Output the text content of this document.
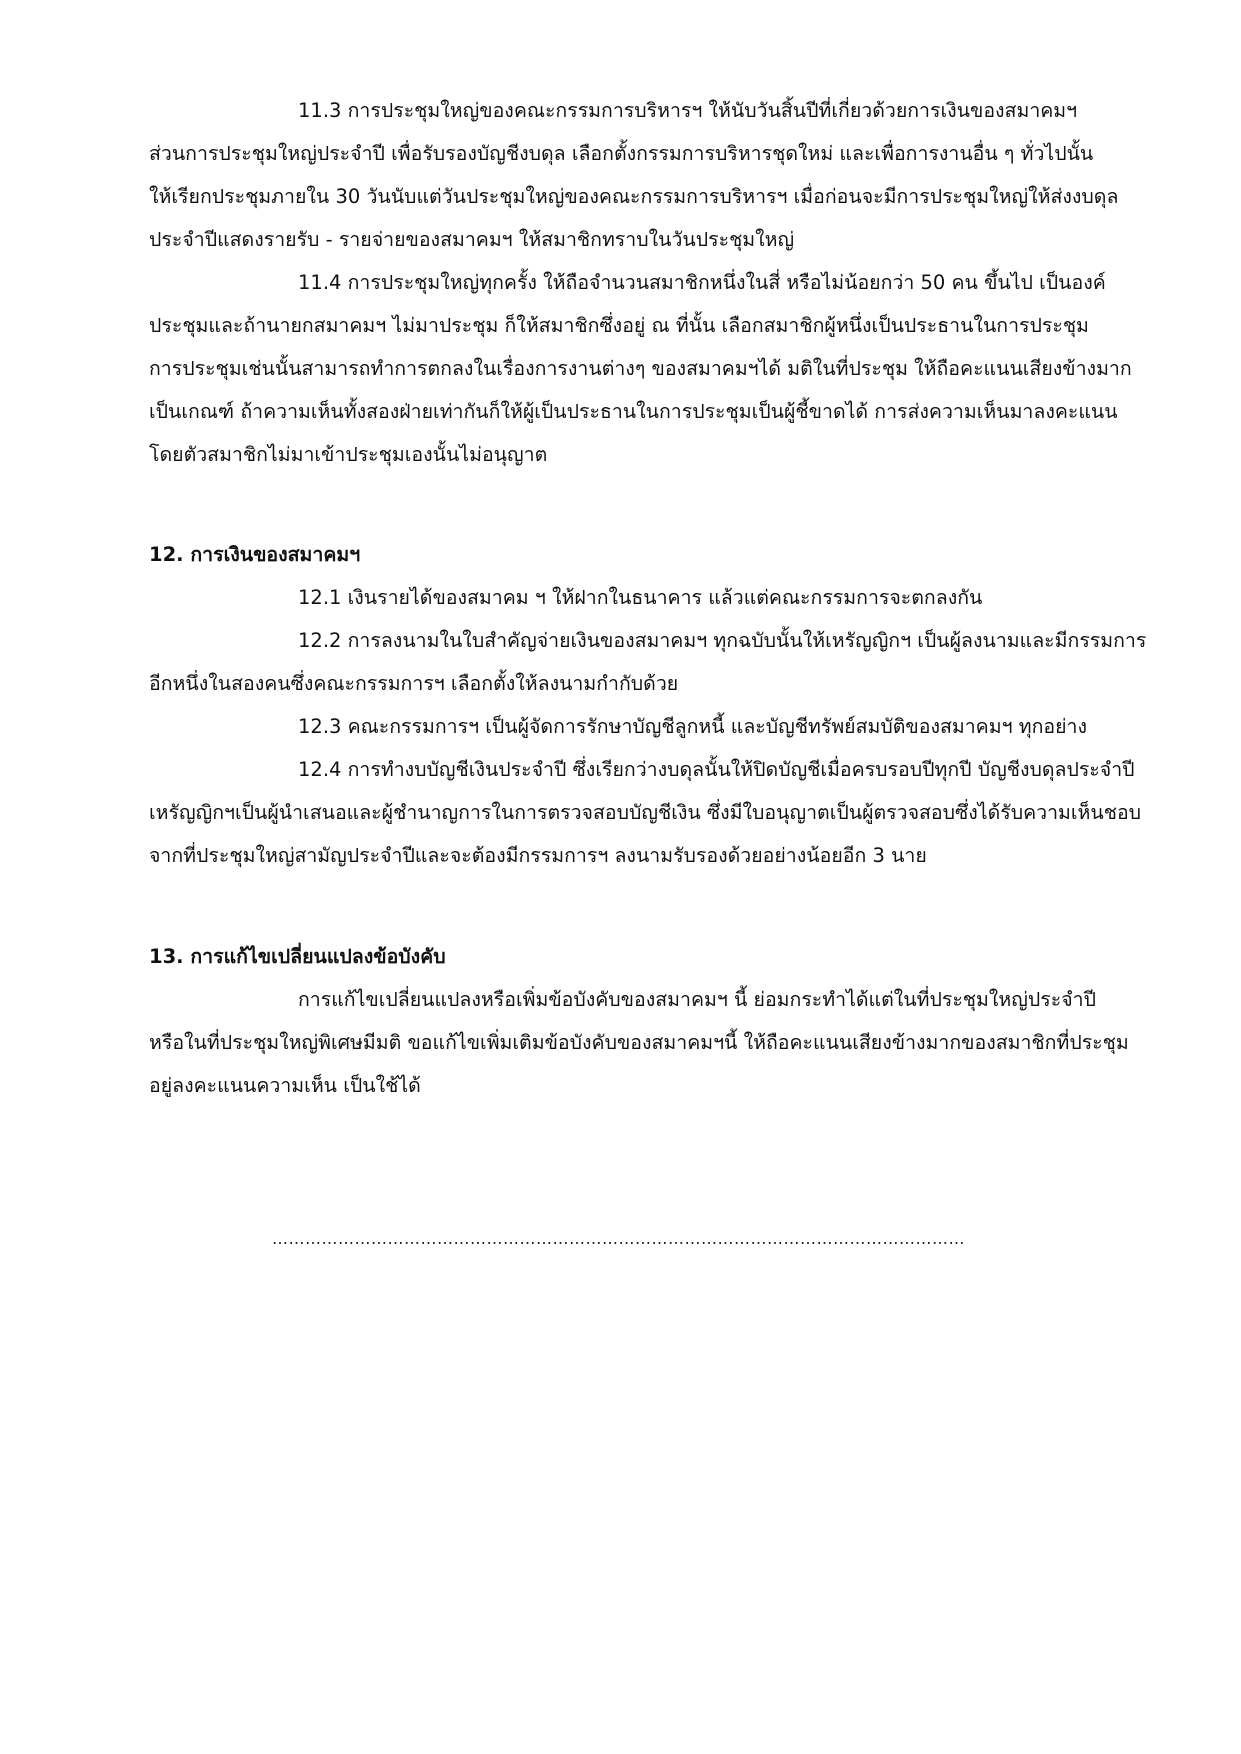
11.3 การประชุมใหญ่ของคณะกรรมการบริหารฯ ให้นับวันสิ้นปีที่เกี่ยวด้วยการเงินของสมาคมฯ
ส่วนการประชุมใหญ่ประจำปี เพื่อรับรองบัญชีงบดุล เลือกตั้งกรรมการบริหารชุดใหม่ และเพื่อการงานอื่น ๆ ทั่วไปนั้น
ให้เรียกประชุมภายใน 30 วันนับแต่วันประชุมใหญ่ของคณะกรรมการบริหารฯ เมื่อก่อนจะมีการประชุมใหญ่ให้ส่งงบดุล
ประจำปีแสดงรายรับ - รายจ่ายของสมาคมฯ ให้สมาชิกทราบในวันประชุมใหญ่
11.4 การประชุมใหญ่ทุกครั้ง ให้ถือจำนวนสมาชิกหนึ่งในสี่ หรือไม่น้อยกว่า 50 คน ขึ้นไป เป็นองค์
ประชุมและถ้านายกสมาคมฯ ไม่มาประชุม ก็ให้สมาชิกซึ่งอยู่ ณ ที่นั้น เลือกสมาชิกผู้หนึ่งเป็นประธานในการประชุม
การประชุมเช่นนั้นสามารถทำการตกลงในเรื่องการงานต่างๆ ของสมาคมฯได้ มติในที่ประชุม ให้ถือคะแนนเสียงข้างมาก
เป็นเกณฑ์ ถ้าความเห็นทั้งสองฝ่ายเท่ากันก็ให้ผู้เป็นประธานในการประชุมเป็นผู้ชี้ขาดได้ การส่งความเห็นมาลงคะแนน
โดยตัวสมาชิกไม่มาเข้าประชุมเองนั้นไม่อนุญาต
12. การเงินของสมาคมฯ
12.1 เงินรายได้ของสมาคม ฯ ให้ฝากในธนาคาร แล้วแต่คณะกรรมการจะตกลงกัน
12.2 การลงนามในใบสำคัญจ่ายเงินของสมาคมฯ ทุกฉบับนั้นให้เหรัญญิกฯ เป็นผู้ลงนามและมีกรรมการ
อีกหนึ่งในสองคนซึ่งคณะกรรมการฯ เลือกตั้งให้ลงนามกำกับด้วย
12.3 คณะกรรมการฯ เป็นผู้จัดการรักษาบัญชีลูกหนี้ และบัญชีทรัพย์สมบัติของสมาคมฯ ทุกอย่าง
12.4 การทำงบบัญชีเงินประจำปี ซึ่งเรียกว่างบดุลนั้นให้ปิดบัญชีเมื่อครบรอบปีทุกปี บัญชีงบดุลประจำปี
เหรัญญิกฯเป็นผู้นำเสนอและผู้ชำนาญการในการตรวจสอบบัญชีเงิน ซึ่งมีใบอนุญาตเป็นผู้ตรวจสอบซึ่งได้รับความเห็นชอบ
จากที่ประชุมใหญ่สามัญประจำปีและจะต้องมีกรรมการฯ ลงนามรับรองด้วยอย่างน้อยอีก 3 นาย
13. การแก้ไขเปลี่ยนแปลงข้อบังคับ
การแก้ไขเปลี่ยนแปลงหรือเพิ่มข้อบังคับของสมาคมฯ นี้ ย่อมกระทำได้แต่ในที่ประชุมใหญ่ประจำปี
หรือในที่ประชุมใหญ่พิเศษมีมติ ขอแก้ไขเพิ่มเติมข้อบังคับของสมาคมฯนี้ ให้ถือคะแนนเสียงข้างมากของสมาชิกที่ประชุม
อยู่ลงคะแนนความเห็น เป็นใช้ได้
………………………………………………………………………………………………………………
